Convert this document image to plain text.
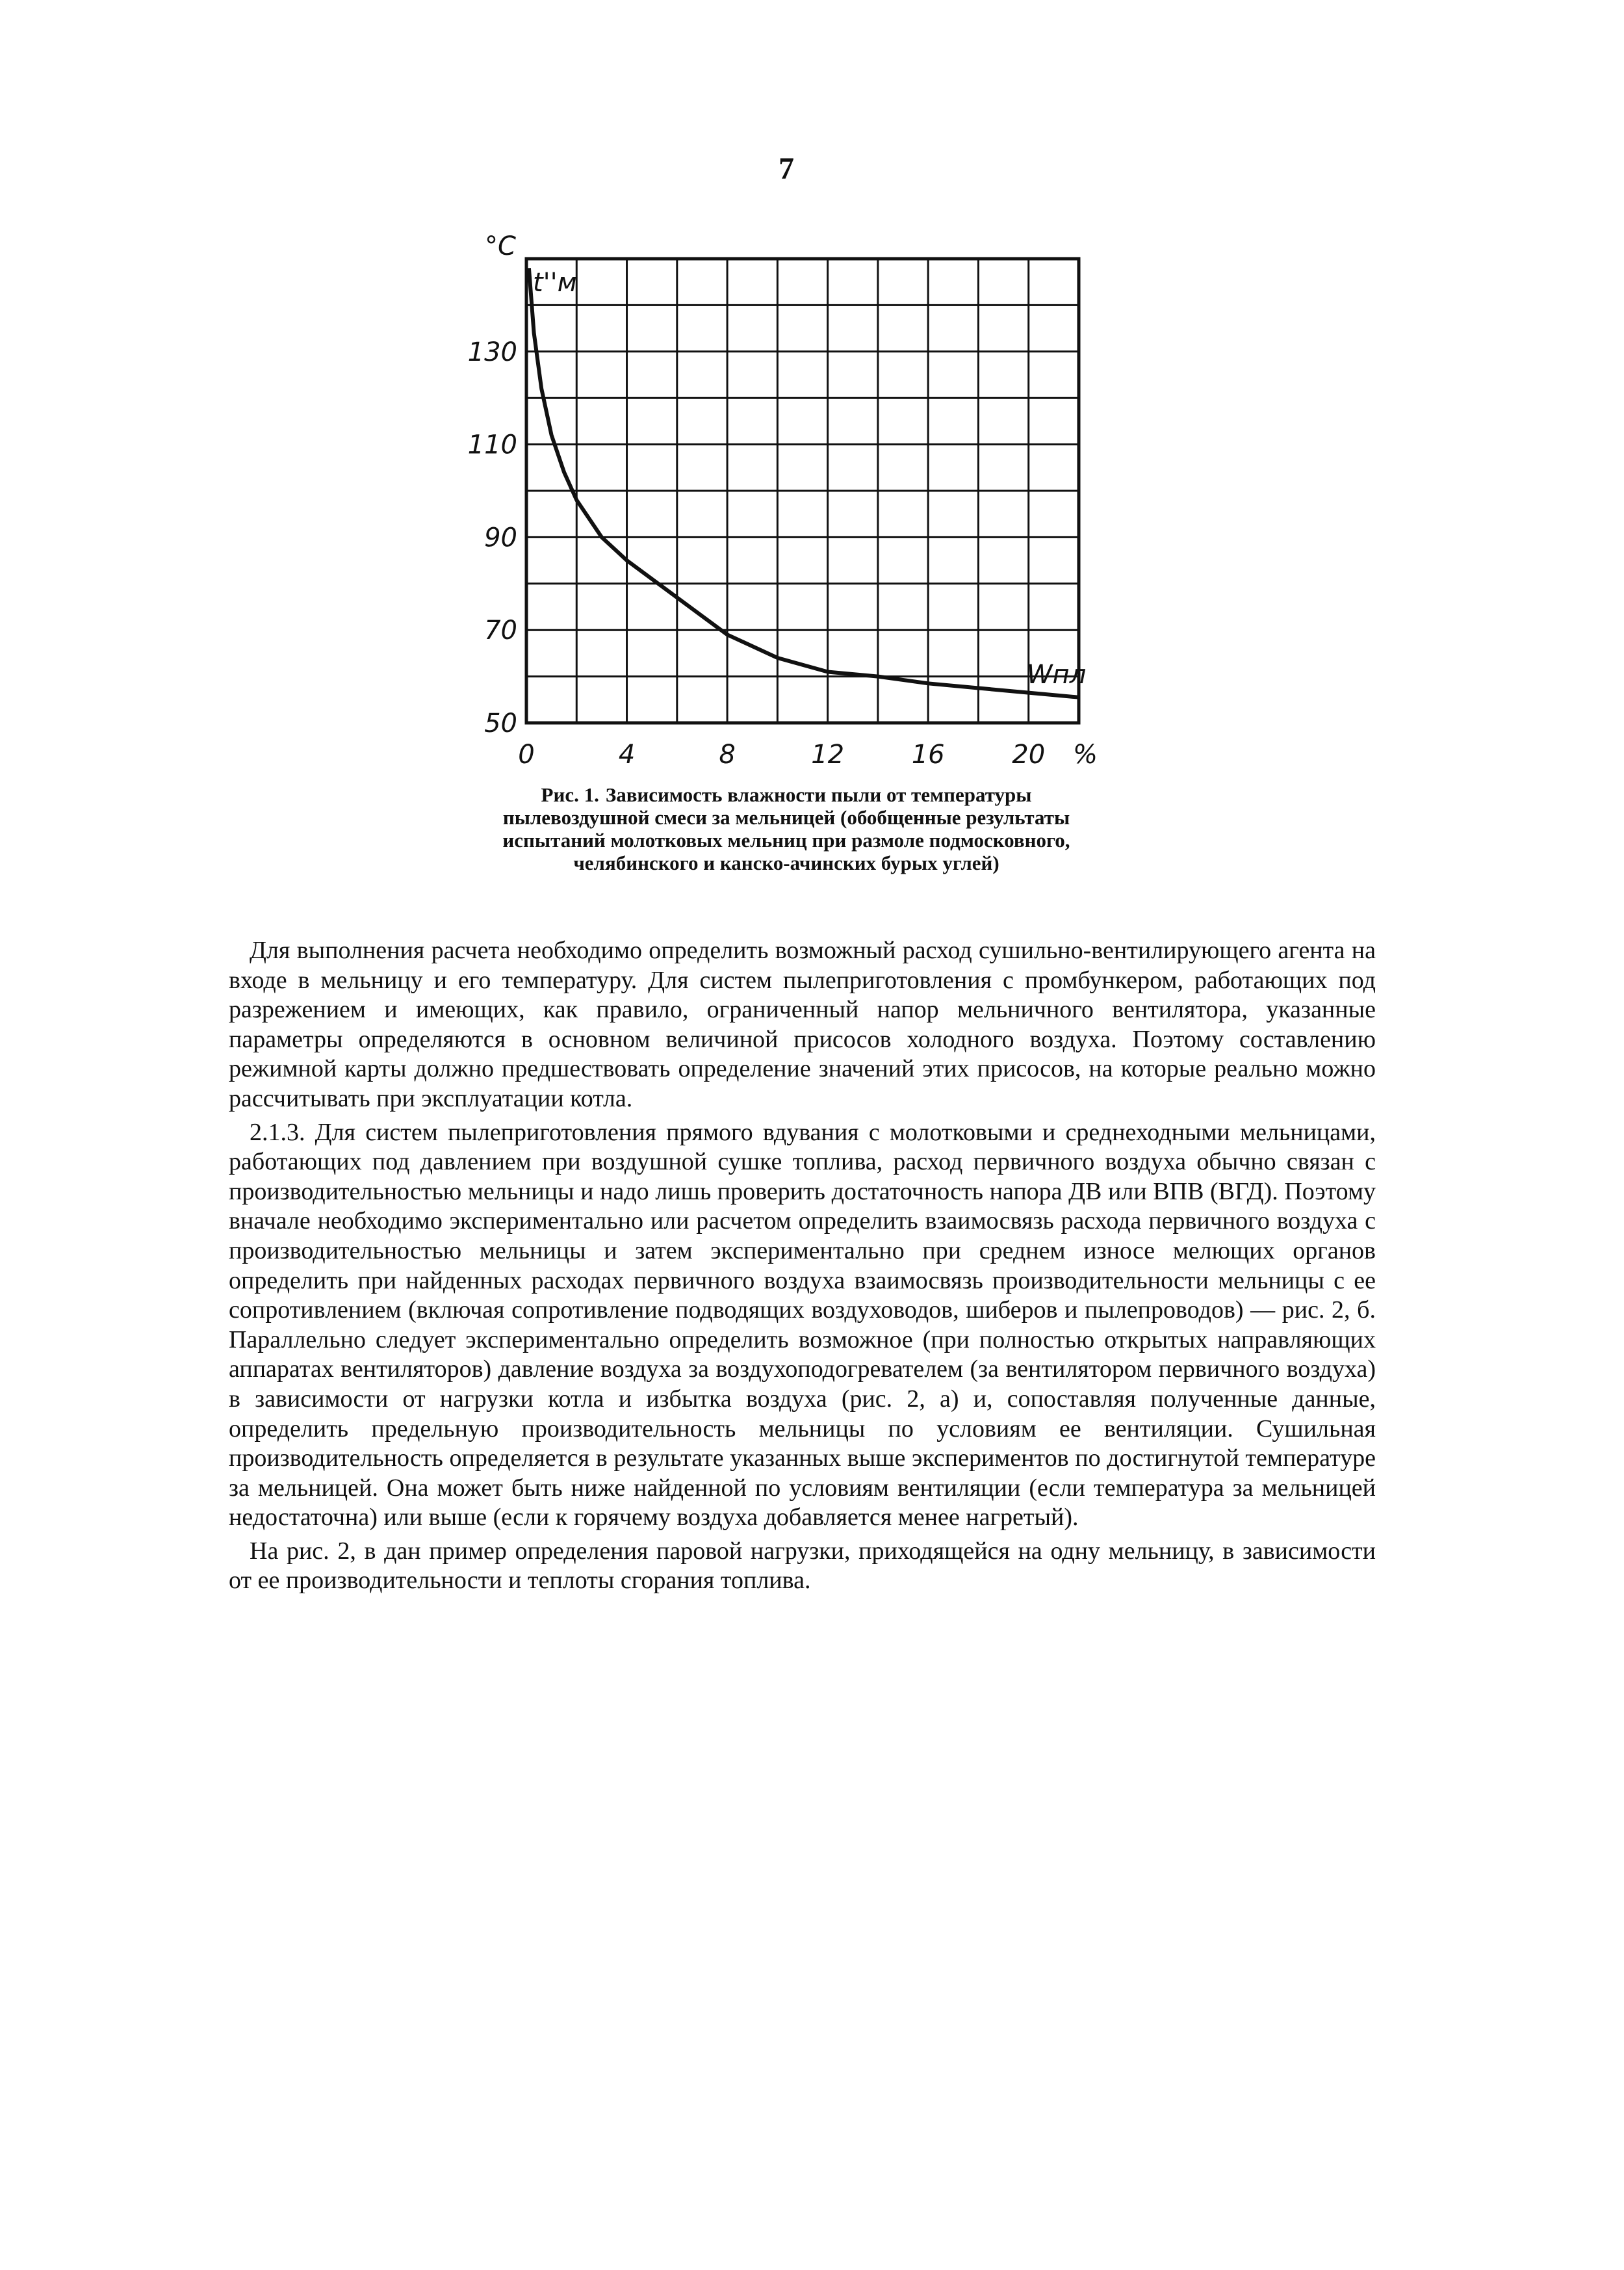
7
0	4	8	12	16	20
50
70
90
110
130
°C
%
t''м
Wпл
Рис. 1. Зависимость влажности пыли от температуры пылевоздушной смеси за мельницей (обобщенные результаты испытаний молотковых мельниц при размоле подмосковного, челябинского и канско-ачинских бурых углей)

Для выполнения расчета необходимо определить возможный расход сушильно-вентилирующего агента на входе в мельницу и его температуру. Для систем пылеприготовления с промбункером, работающих под разрежением и имеющих, как правило, ограниченный напор мельничного вентилятора, указанные параметры определяются в основном величиной присосов холодного воздуха. Поэтому составлению режимной карты должно предшествовать определение значений этих присосов, на которые реально можно рассчитывать при эксплуатации котла.

2.1.3. Для систем пылеприготовления прямого вдувания с молотковыми и среднеходными мельницами, работающих под давлением при воздушной сушке топлива, расход первичного воздуха обычно связан с производительностью мельницы и надо лишь проверить достаточность напора ДВ или ВПВ (ВГД). Поэтому вначале необходимо экспериментально или расчетом определить взаимосвязь расхода первичного воздуха с производительностью мельницы и затем экспериментально при среднем износе мелющих органов определить при найденных расходах первичного воздуха взаимосвязь производительности мельницы с ее сопротивлением (включая сопротивление подводящих воздуховодов, шиберов и пылепроводов) — рис. 2, б. Параллельно следует экспериментально определить возможное (при полностью открытых направляющих аппаратах вентиляторов) давление воздуха за воздухоподогревателем (за вентилятором первичного воздуха) в зависимости от нагрузки котла и избытка воздуха (рис. 2, а) и, сопоставляя полученные данные, определить предельную производительность мельницы по условиям ее вентиляции. Сушильная производительность определяется в результате указанных выше экспериментов по достигнутой температуре за мельницей. Она может быть ниже найденной по условиям вентиляции (если температура за мельницей недостаточна) или выше (если к горячему воздуха добавляется менее нагретый).

На рис. 2, в дан пример определения паровой нагрузки, приходящейся на одну мельницу, в зависимости от ее производительности и теплоты сгорания топлива.
